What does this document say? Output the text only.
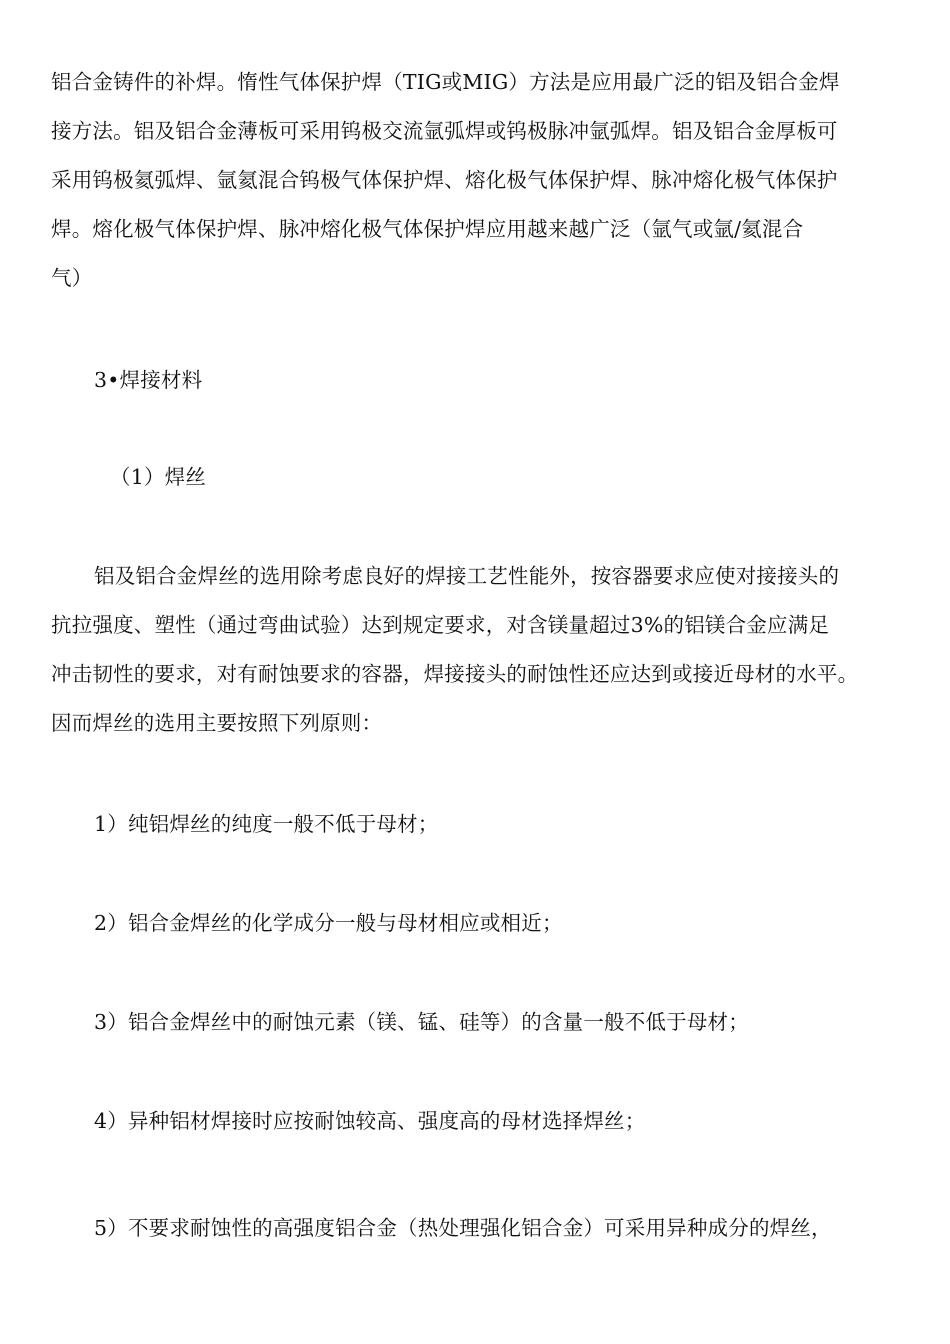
铝合金铸件的补焊。惰性气体保护焊（TIG或MIG）方法是应用最广泛的铝及铝合金焊
接方法。铝及铝合金薄板可采用钨极交流氩弧焊或钨极脉冲氩弧焊。铝及铝合金厚板可
采用钨极氦弧焊、氩氦混合钨极气体保护焊、熔化极气体保护焊、脉冲熔化极气体保护
焊。熔化极气体保护焊、脉冲熔化极气体保护焊应用越来越广泛（氩气或氩/氦混合
气）
3•焊接材料
（1）焊丝
铝及铝合金焊丝的选用除考虑良好的焊接工艺性能外，按容器要求应使对接接头的
抗拉强度、塑性（通过弯曲试验）达到规定要求，对含镁量超过3%的铝镁合金应满足
冲击韧性的要求，对有耐蚀要求的容器，焊接接头的耐蚀性还应达到或接近母材的水平。
因而焊丝的选用主要按照下列原则：
1）纯铝焊丝的纯度一般不低于母材；
2）铝合金焊丝的化学成分一般与母材相应或相近；
3）铝合金焊丝中的耐蚀元素（镁、锰、硅等）的含量一般不低于母材；
4）异种铝材焊接时应按耐蚀较高、强度高的母材选择焊丝；
5）不要求耐蚀性的高强度铝合金（热处理强化铝合金）可采用异种成分的焊丝，
